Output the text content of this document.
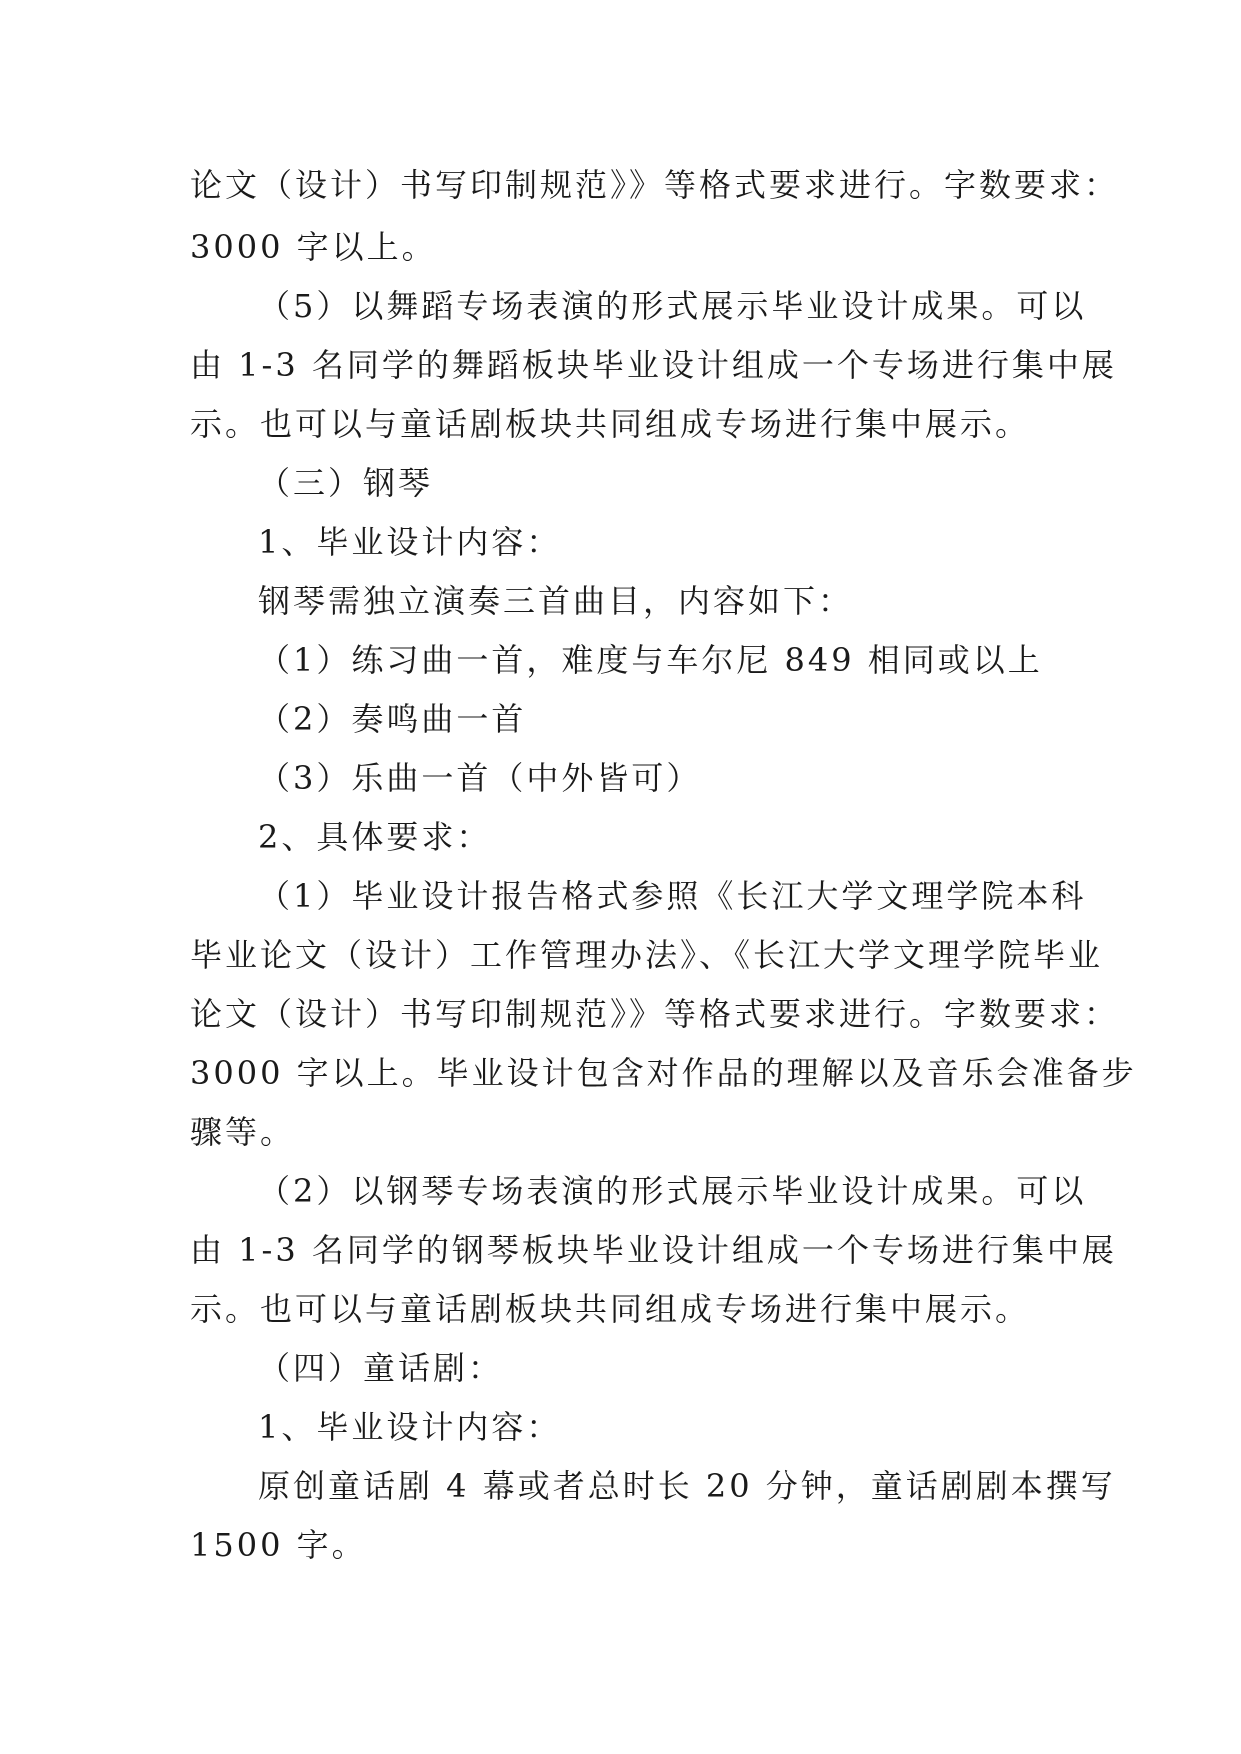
论文（设计）书写印制规范》》等格式要求进行。字数要求：
3000 字以上。
（5）以舞蹈专场表演的形式展示毕业设计成果。可以
由 1-3 名同学的舞蹈板块毕业设计组成一个专场进行集中展
示。也可以与童话剧板块共同组成专场进行集中展示。
（三）钢琴
1、毕业设计内容：
钢琴需独立演奏三首曲目，内容如下：
（1）练习曲一首，难度与车尔尼 849 相同或以上
（2）奏鸣曲一首
（3）乐曲一首（中外皆可）
2、具体要求：
（1）毕业设计报告格式参照《长江大学文理学院本科
毕业论文（设计）工作管理办法》、《长江大学文理学院毕业
论文（设计）书写印制规范》》等格式要求进行。字数要求：
3000 字以上。毕业设计包含对作品的理解以及音乐会准备步
骤等。
（2）以钢琴专场表演的形式展示毕业设计成果。可以
由 1-3 名同学的钢琴板块毕业设计组成一个专场进行集中展
示。也可以与童话剧板块共同组成专场进行集中展示。
（四）童话剧：
1、毕业设计内容：
原创童话剧 4 幕或者总时长 20 分钟，童话剧剧本撰写
1500 字。
